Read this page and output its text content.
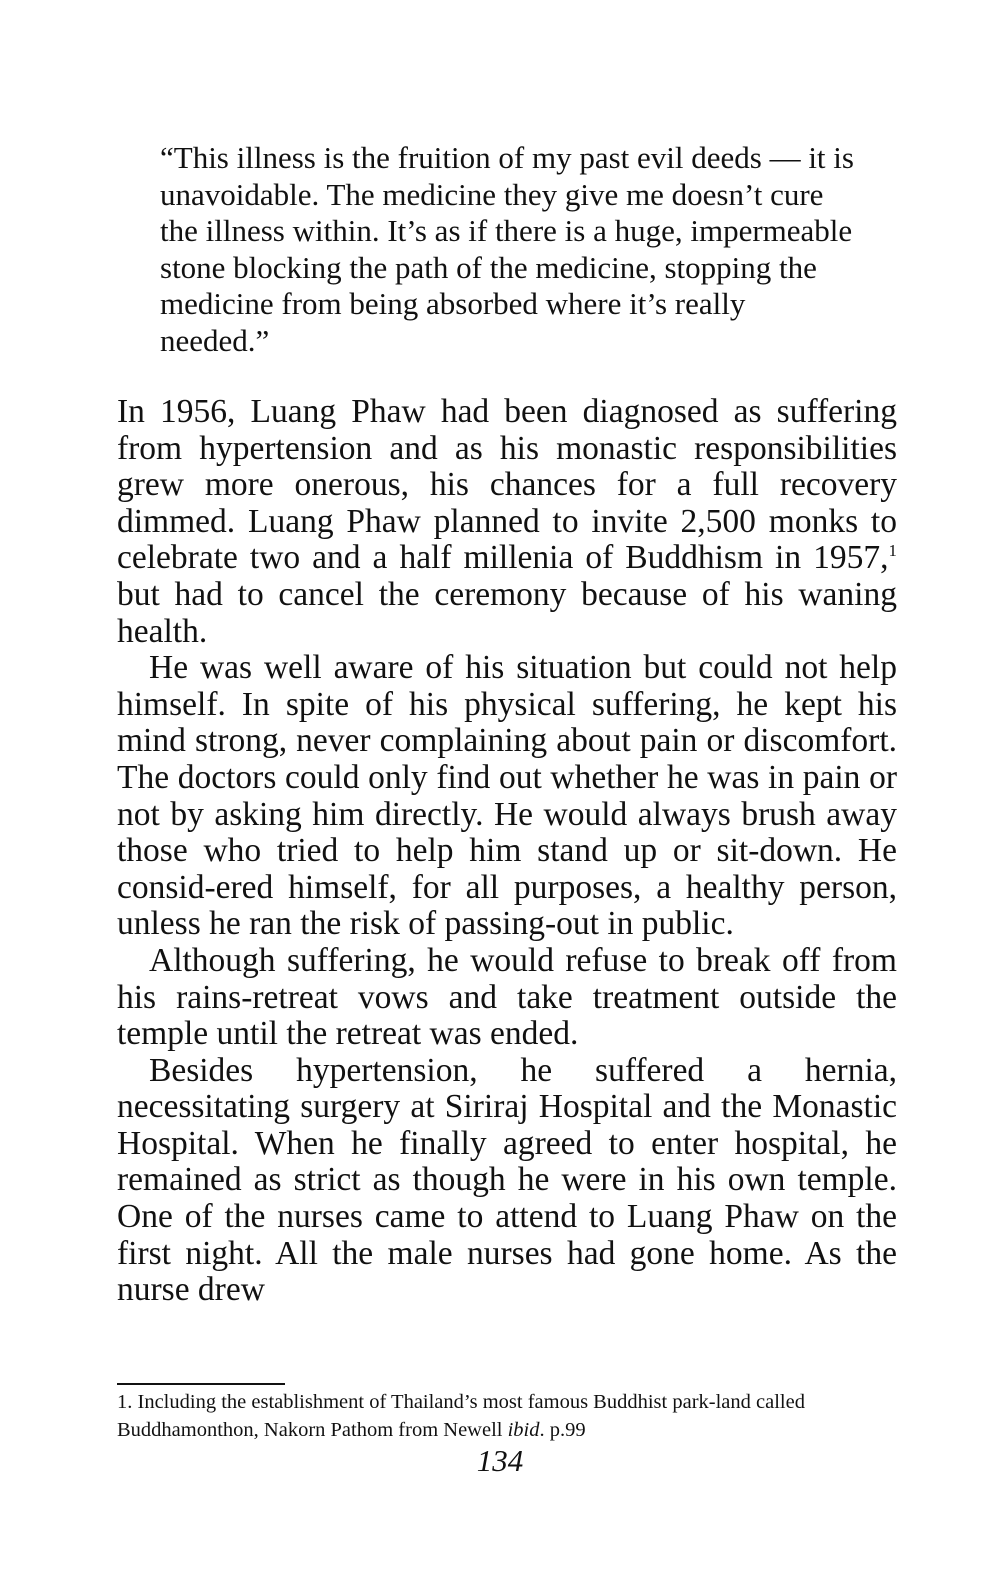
“This illness is the fruition of my past evil deeds — it is unavoidable. The medicine they give me doesn’t cure the illness within. It’s as if there is a huge, impermeable stone blocking the path of the medicine, stopping the medicine from being absorbed where it’s really needed.”

In 1956, Luang Phaw had been diagnosed as suffering from hypertension and as his monastic responsibilities grew more onerous, his chances for a full recovery dimmed. Luang Phaw planned to invite 2,500 monks to celebrate two and a half millenia of Buddhism in 1957,$^1$ but had to cancel the ceremony because of his waning health.

He was well aware of his situation but could not help himself. In spite of his physical suffering, he kept his mind strong, never complaining about pain or discomfort. The doctors could only find out whether he was in pain or not by asking him directly. He would always brush away those who tried to help him stand up or sit-down. He consid-ered himself, for all purposes, a healthy person, unless he ran the risk of passing-out in public.

Although suffering, he would refuse to break off from his rains-retreat vows and take treatment outside the temple until the retreat was ended.

Besides hypertension, he suffered a hernia, necessitating surgery at Siriraj Hospital and the Monastic Hospital. When he finally agreed to enter hospital, he remained as strict as though he were in his own temple. One of the nurses came to attend to Luang Phaw on the first night. All the male nurses had gone home. As the nurse drew

1. Including the establishment of Thailand’s most famous Buddhist park-land called Buddhamonthon, Nakorn Pathom from Newell ibid. p.99

134
